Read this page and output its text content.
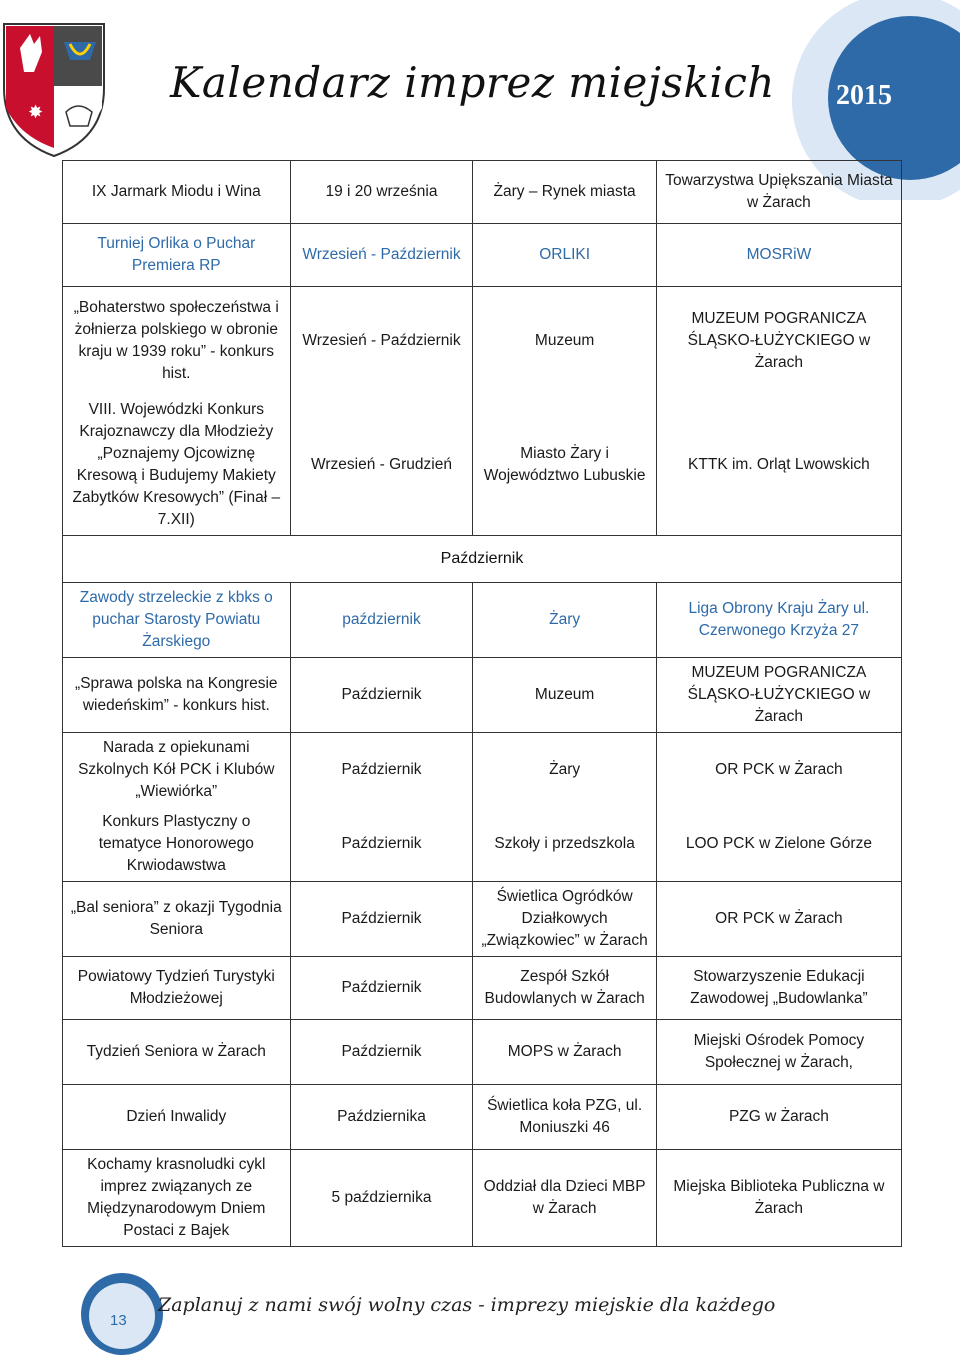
✸
Kalendarz imprez miejskich 2015
IX Jarmark Miodu i Wina	19 i 20 września	Żary – Rynek miasta	Towarzystwa Upiększania Miasta w Żarach
Turniej Orlika o Puchar Premiera RP	Wrzesień - Październik	ORLIKI	MOSRiW
„Bohaterstwo społeczeństwa i żołnierza polskiego w obronie kraju w 1939 roku” - konkurs hist.	Wrzesień - Październik	Muzeum	MUZEUM POGRANICZA ŚLĄSKO-ŁUŻYCKIEGO w Żarach
VIII. Wojewódzki Konkurs Krajoznawczy dla Młodzieży „Poznajemy Ojcowiznę Kresową i Budujemy Makiety Zabytków Kresowych” (Finał – 7.XII)	Wrzesień - Grudzień	Miasto Żary i Województwo Lubuskie	KTTK im. Orląt Lwowskich
Październik			
Zawody strzeleckie z kbks o puchar Starosty Powiatu Żarskiego	październik	Żary	Liga Obrony Kraju Żary ul. Czerwonego Krzyża 27
„Sprawa polska na Kongresie wiedeńskim” - konkurs hist.	Październik	Muzeum	MUZEUM POGRANICZA ŚLĄSKO-ŁUŻYCKIEGO w Żarach
Narada z opiekunami Szkolnych Kół PCK i Klubów „Wiewiórka”	Październik	Żary	OR PCK w Żarach
Konkurs Plastyczny o tematyce Honorowego Krwiodawstwa	Październik	Szkoły i przedszkola	LOO PCK w Zielone Górze
„Bal seniora” z okazji Tygodnia Seniora	Październik	Świetlica Ogródków Działkowych „Związkowiec” w Żarach	OR PCK w Żarach
Powiatowy Tydzień Turystyki Młodzieżowej	Październik	Zespół Szkół Budowlanych w Żarach	Stowarzyszenie Edukacji Zawodowej „Budowlanka”
Tydzień Seniora w Żarach	Październik	MOPS w Żarach	Miejski Ośrodek Pomocy Społecznej w Żarach,
Dzień Inwalidy	Października	Świetlica koła PZG, ul. Moniuszki 46	PZG w Żarach
Kochamy krasnoludki cykl imprez związanych ze Międzynarodowym Dniem Postaci z Bajek	5 października	Oddział dla Dzieci MBP w Żarach	Miejska Biblioteka Publiczna w Żarach
13
Zaplanuj z nami swój wolny czas - imprezy miejskie dla każdego
